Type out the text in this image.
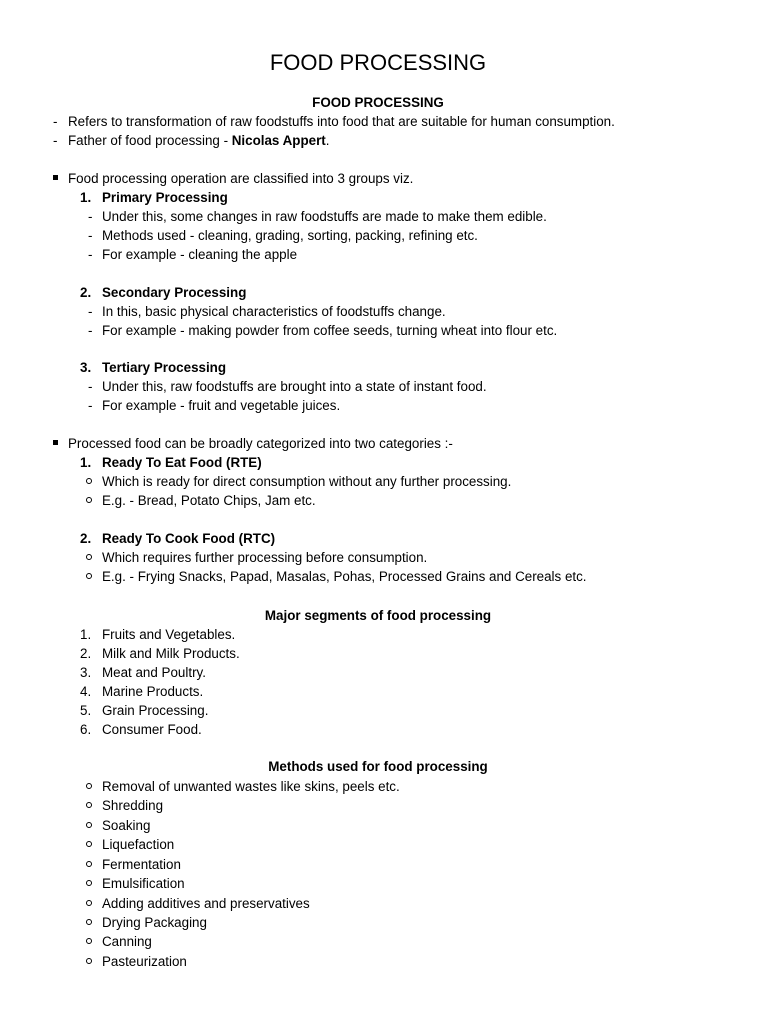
FOOD PROCESSING
FOOD PROCESSING
- Refers to transformation of raw foodstuffs into food that are suitable for human consumption.
- Father of food processing - Nicolas Appert.
Food processing operation are classified into 3 groups viz.
1. Primary Processing
- Under this, some changes in raw foodstuffs are made to make them edible.
- Methods used - cleaning, grading, sorting, packing, refining etc.
- For example - cleaning the apple
2. Secondary Processing
- In this, basic physical characteristics of foodstuffs change.
- For example - making powder from coffee seeds, turning wheat into flour etc.
3. Tertiary Processing
- Under this, raw foodstuffs are brought into a state of instant food.
- For example - fruit and vegetable juices.
Processed food can be broadly categorized into two categories :-
1. Ready To Eat Food (RTE)
Which is ready for direct consumption without any further processing.
E.g. - Bread, Potato Chips, Jam etc.
2. Ready To Cook Food (RTC)
Which requires further processing before consumption.
E.g. - Frying Snacks, Papad, Masalas, Pohas, Processed Grains and Cereals etc.
Major segments of food processing
1. Fruits and Vegetables.
2. Milk and Milk Products.
3. Meat and Poultry.
4. Marine Products.
5. Grain Processing.
6. Consumer Food.
Methods used for food processing
Removal of unwanted wastes like skins, peels etc.
Shredding
Soaking
Liquefaction
Fermentation
Emulsification
Adding additives and preservatives
Drying Packaging
Canning
Pasteurization
